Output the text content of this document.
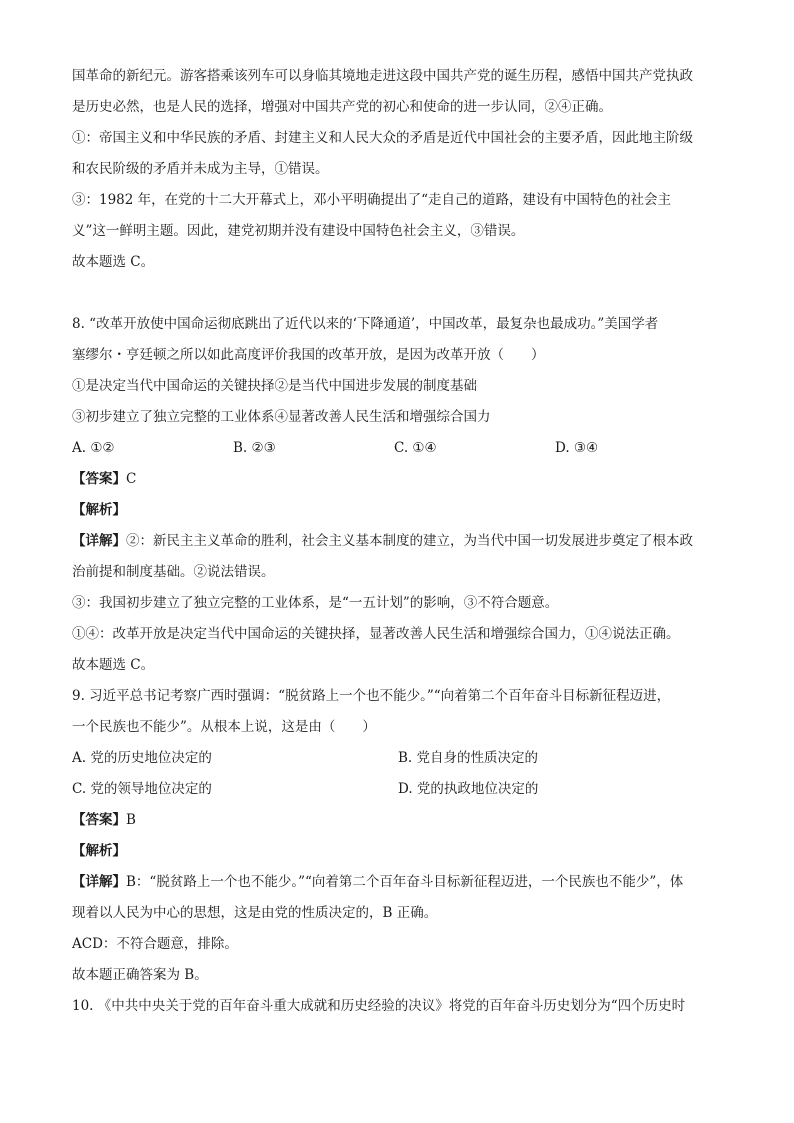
国革命的新纪元。游客搭乘该列车可以身临其境地走进这段中国共产党的诞生历程，感悟中国共产党执政
是历史必然，也是人民的选择，增强对中国共产党的初心和使命的进一步认同，②④正确。
①：帝国主义和中华民族的矛盾、封建主义和人民大众的矛盾是近代中国社会的主要矛盾，因此地主阶级
和农民阶级的矛盾并未成为主导，①错误。
③：1982 年，在党的十二大开幕式上，邓小平明确提出了“走自己的道路，建设有中国特色的社会主
义”这一鲜明主题。因此，建党初期并没有建设中国特色社会主义，③错误。
故本题选 C。
8. “改革开放使中国命运彻底跳出了近代以来的‘下降通道’，中国改革，最复杂也最成功。”美国学者
塞缪尔・亨廷顿之所以如此高度评价我国的改革开放，是因为改革开放（　　）
①是决定当代中国命运的关键抉择②是当代中国进步发展的制度基础
③初步建立了独立完整的工业体系④显著改善人民生活和增强综合国力
A. ①②	B. ②③	C. ①④	D. ③④
【答案】C
【解析】
【详解】②：新民主主义革命的胜利，社会主义基本制度的建立，为当代中国一切发展进步奠定了根本政
治前提和制度基础。②说法错误。
③：我国初步建立了独立完整的工业体系，是“一五计划”的影响，③不符合题意。
①④：改革开放是决定当代中国命运的关键抉择，显著改善人民生活和增强综合国力，①④说法正确。
故本题选 C。
9. 习近平总书记考察广西时强调：“脱贫路上一个也不能少。”“向着第二个百年奋斗目标新征程迈进，
一个民族也不能少”。从根本上说，这是由（　　）
A. 党的历史地位决定的	B. 党自身的性质决定的
C. 党的领导地位决定的	D. 党的执政地位决定的
【答案】B
【解析】
【详解】B：“脱贫路上一个也不能少。”“向着第二个百年奋斗目标新征程迈进，一个民族也不能少”，体
现着以人民为中心的思想，这是由党的性质决定的，B 正确。
ACD：不符合题意，排除。
故本题正确答案为 B。
10. 《中共中央关于党的百年奋斗重大成就和历史经验的决议》将党的百年奋斗历史划分为“四个历史时
